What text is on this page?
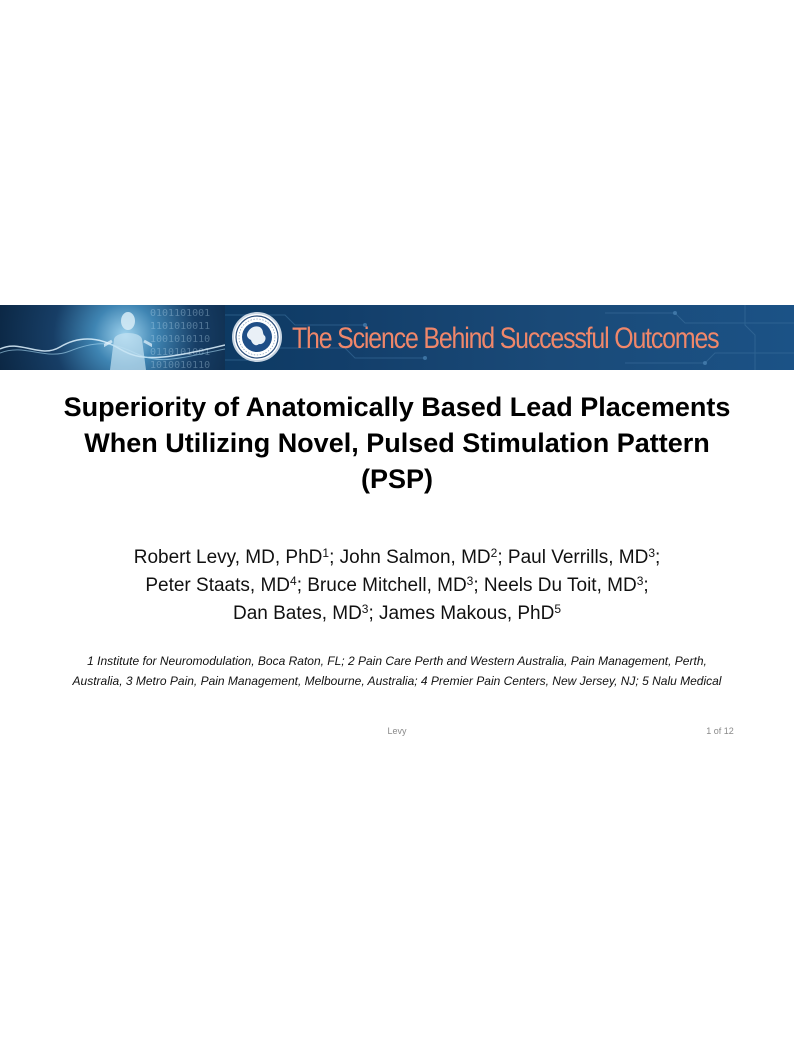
0101101001
1101010011
1001010110
0110101001
1010010110
The Science Behind Successful Outcomes
Superiority of Anatomically Based Lead Placements
When Utilizing Novel, Pulsed Stimulation Pattern
(PSP)
Robert Levy, MD, PhD$^1$; John Salmon, $MD^2$; Paul Verrills, $MD^3$;
Peter Staats, $MD^4$; Bruce Mitchell, $MD^3$; Neels Du Toit, $MD^3$;
Dan Bates, $MD^3$; James Makous, PhD$^5$
1 Institute for Neuromodulation, Boca Raton, FL; 2 Pain Care Perth and Western Australia, Pain Management, Perth,
Australia, 3 Metro Pain, Pain Management, Melbourne, Australia; 4 Premier Pain Centers, New Jersey, NJ; 5 Nalu Medical
Levy	1 of 12
